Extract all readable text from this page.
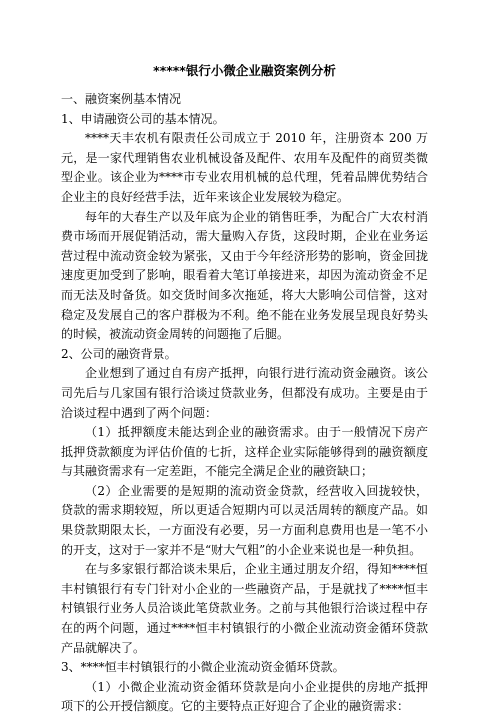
*****银行小微企业融资案例分析

一、融资案例基本情况

1、申请融资公司的基本情况。

****天丰农机有限责任公司成立于 2010 年，注册资本 200 万元，是一家代理销售农业机械设备及配件、农用车及配件的商贸类微型企业。该企业为****市专业农用机械的总代理，凭着品牌优势结合企业主的良好经营手法，近年来该企业发展较为稳定。

每年的大春生产以及年底为企业的销售旺季，为配合广大农村消费市场而开展促销活动，需大量购入存货，这段时期，企业在业务运营过程中流动资金较为紧张，又由于今年经济形势的影响，资金回拢速度更加受到了影响，眼看着大笔订单接进来，却因为流动资金不足而无法及时备货。如交货时间多次拖延，将大大影响公司信誉，这对稳定及发展自己的客户群极为不利。绝不能在业务发展呈现良好势头的时候，被流动资金周转的问题拖了后腿。

2、公司的融资背景。

企业想到了通过自有房产抵押，向银行进行流动资金融资。该公司先后与几家国有银行洽谈过贷款业务，但都没有成功。主要是由于洽谈过程中遇到了两个问题：

（1）抵押额度未能达到企业的融资需求。由于一般情况下房产抵押贷款额度为评估价值的七折，这样企业实际能够得到的融资额度与其融资需求有一定差距，不能完全满足企业的融资缺口；

（2）企业需要的是短期的流动资金贷款，经营收入回拢较快，贷款的需求期较短，所以更适合短期内可以灵活周转的额度产品。如果贷款期限太长，一方面没有必要，另一方面利息费用也是一笔不小的开支，这对于一家并不是“财大气粗”的小企业来说也是一种负担。

在与多家银行都洽谈未果后，企业主通过朋友介绍，得知****恒丰村镇银行有专门针对小企业的一些融资产品，于是就找了****恒丰村镇银行业务人员洽谈此笔贷款业务。之前与其他银行洽谈过程中存在的两个问题，通过****恒丰村镇银行的小微企业流动资金循环贷款产品就解决了。

3、****恒丰村镇银行的小微企业流动资金循环贷款。

（1）小微企业流动资金循环贷款是向小企业提供的房地产抵押项下的公开授信额度。它的主要特点正好迎合了企业的融资需求：
